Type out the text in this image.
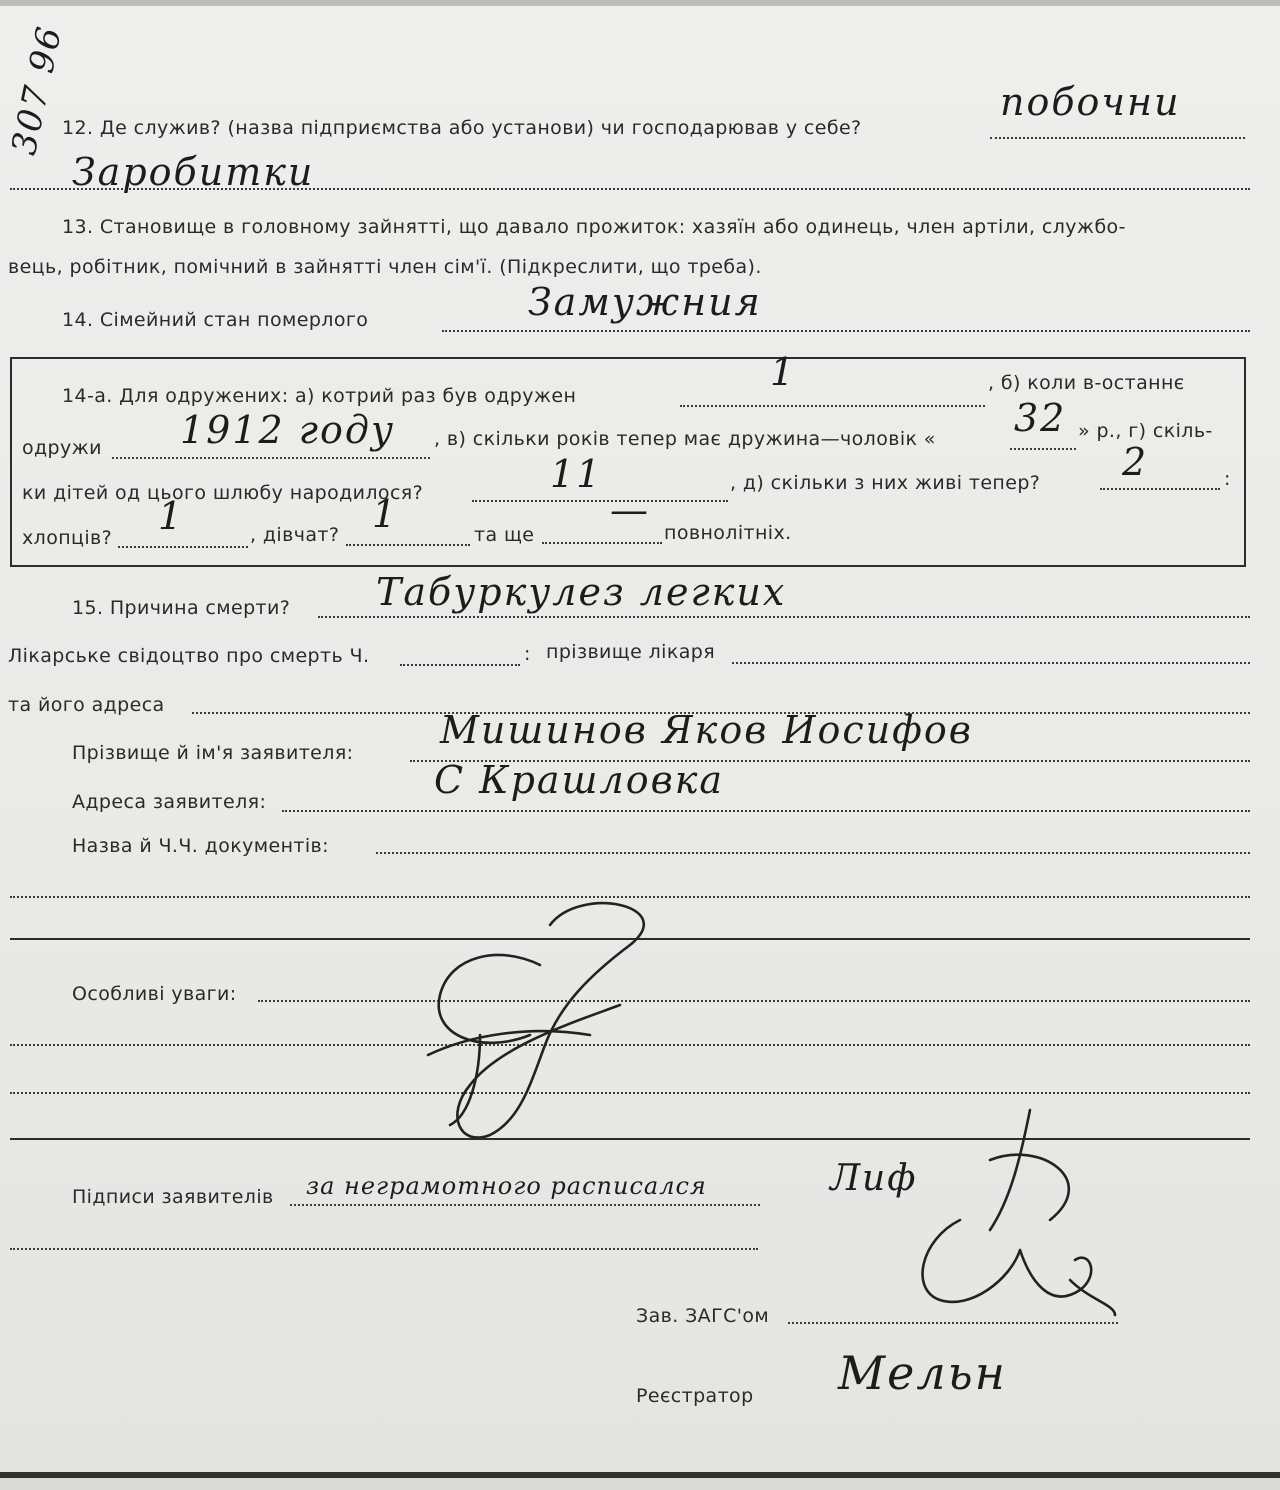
307 96
12. Де служив? (назва підприємства або установи) чи господарював у себе?
побочни
Заробитки
13. Становище в головному зайнятті, що давало прожиток: хазяїн або одинець, член артіли, службо-
вець, робітник, помічний в зайнятті член сім'ї. (Підкреслити, що треба).
14. Сімейний стан померлого	Замужния
14-а. Для одружених: а) котрий раз був одружен
1	, б) коли в-останнє
одружи 1912 году , в) скільки років тепер має дружина—чоловік « 32 » р., г) скіль-
ки дітей од цього шлюбу народилося?	11	, д) скільки з них живі тепер? 2	:
хлопців? 1	, дівчат? 1	та ще
—
повнолітніх.
15. Причина смерти? Табуркулез легких
Лікарське свідоцтво про смерть Ч.	: прізвище лікаря
та його адреса
Прізвище й ім'я заявителя:
Мишинов Яков Иосифов
Адреса заявителя:	С Крашловка
Назва й Ч.Ч. документів:
Особливі уваги:
Підписи заявителів за неграмотного расписался	Лиф
Зав. ЗАГС'ом
Реєстратор Мельн
